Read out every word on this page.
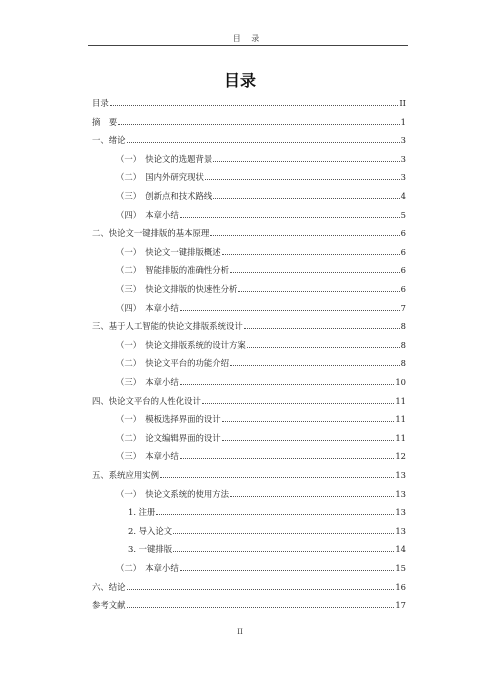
目 录
目录
目录	II
摘　要	1
一、绪论	3
（一）　快论文的选题背景	3
（二）　国内外研究现状	3
（三）　创新点和技术路线	4
（四）　本章小结	5
二、快论文一键排版的基本原理	6
（一）　快论文一键排版概述	6
（二）　智能排版的准确性分析	6
（三）　快论文排版的快速性分析	6
（四）　本章小结	7
三、基于人工智能的快论文排版系统设计	8
（一）　快论文排版系统的设计方案	8
（二）　快论文平台的功能介绍	8
（三）　本章小结	10
四、快论文平台的人性化设计	11
（一）　模板选择界面的设计	11
（二）　论文编辑界面的设计	11
（三）　本章小结	12
五、系统应用实例	13
（一）　快论文系统的使用方法	13
1. 注册	13
2. 导入论文	13
3. 一键排版	14
（二）　本章小结	15
六、结论	16
参考文献	17
II
